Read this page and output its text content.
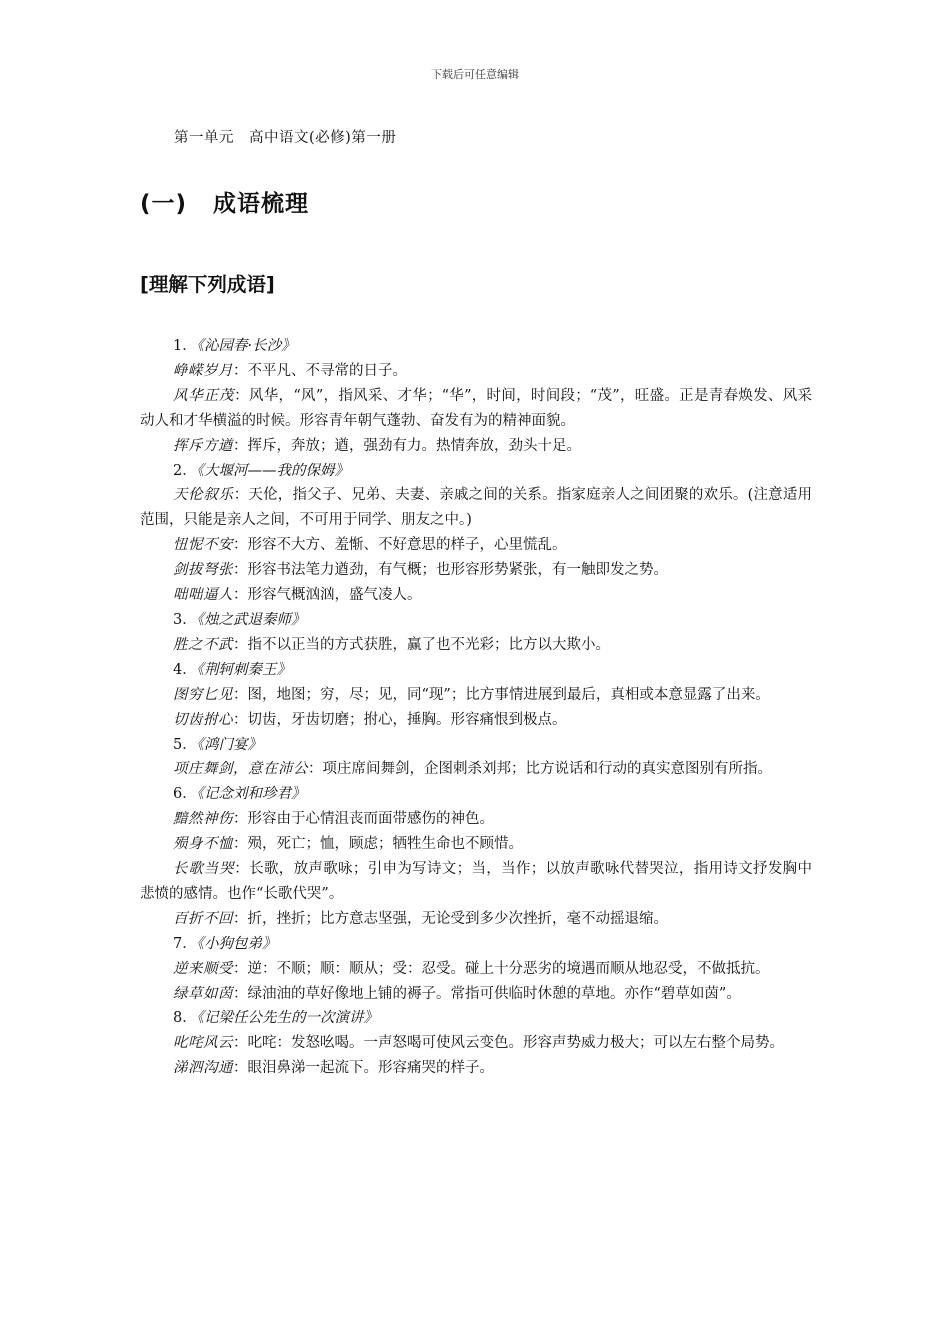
下载后可任意编辑
第一单元　高中语文(必修)第一册
(一) 成语梳理
[理解下列成语]

1．《沁园春·长沙》

峥嵘岁月：不平凡、不寻常的日子。

风华正茂：风华，“风”，指风采、才华；“华”，时间，时间段；“茂”，旺盛。正是青春焕发、风采动人和才华横溢的时候。形容青年朝气蓬勃、奋发有为的精神面貌。

挥斥方遒：挥斥，奔放；遒，强劲有力。热情奔放，劲头十足。

2．《大堰河——我的保姆》

天伦叙乐：天伦，指父子、兄弟、夫妻、亲戚之间的关系。指家庭亲人之间团聚的欢乐。(注意适用范围，只能是亲人之间，不可用于同学、朋友之中。)

忸怩不安：形容不大方、羞惭、不好意思的样子，心里慌乱。

剑拔弩张：形容书法笔力遒劲，有气概；也形容形势紧张，有一触即发之势。

咄咄逼人：形容气概汹汹，盛气凌人。

3．《烛之武退秦师》

胜之不武：指不以正当的方式获胜，赢了也不光彩；比方以大欺小。

4．《荆轲刺秦王》

图穷匕见：图，地图；穷，尽；见，同“现”；比方事情进展到最后，真相或本意显露了出来。

切齿拊心：切齿，牙齿切磨；拊心，捶胸。形容痛恨到极点。

5．《鸿门宴》

项庄舞剑，意在沛公：项庄席间舞剑，企图刺杀刘邦；比方说话和行动的真实意图别有所指。

6．《记念刘和珍君》

黯然神伤：形容由于心情沮丧而面带感伤的神色。

殒身不恤：殒，死亡；恤，顾虑；牺牲生命也不顾惜。

长歌当哭：长歌，放声歌咏；引申为写诗文；当，当作；以放声歌咏代替哭泣，指用诗文抒发胸中悲愤的感情。也作“长歌代哭”。

百折不回：折，挫折；比方意志坚强，无论受到多少次挫折，毫不动摇退缩。

7．《小狗包弟》

逆来顺受：逆：不顺；顺：顺从；受：忍受。碰上十分恶劣的境遇而顺从地忍受，不做抵抗。

绿草如茵：绿油油的草好像地上铺的褥子。常指可供临时休憩的草地。亦作“碧草如茵”。

8．《记梁任公先生的一次演讲》

叱咤风云：叱咤：发怒吆喝。一声怒喝可使风云变色。形容声势威力极大；可以左右整个局势。

涕泗沟通：眼泪鼻涕一起流下。形容痛哭的样子。
